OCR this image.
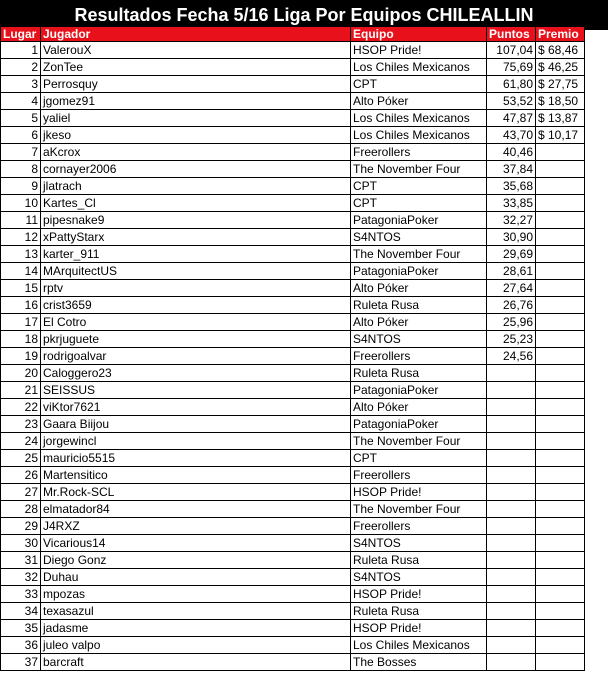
Resultados Fecha 5/16 Liga Por Equipos CHILEALLIN
Lugar	Jugador	Equipo	Puntos	Premio
1	ValerouX	HSOP Pride!	107,04	$ 68,46
2	ZonTee	Los Chiles Mexicanos	75,69	$ 46,25
3	Perrosquy	CPT	61,80	$ 27,75
4	jgomez91	Alto Póker	53,52	$ 18,50
5	yaliel	Los Chiles Mexicanos	47,87	$ 13,87
6	jkeso	Los Chiles Mexicanos	43,70	$ 10,17
7	aKcrox	Freerollers	40,46	
8	cornayer2006	The November Four	37,84	
9	jlatrach	CPT	35,68	
10	Kartes_Cl	CPT	33,85	
11	pipesnake9	PatagoniaPoker	32,27	
12	xPattyStarx	S4NTOS	30,90	
13	karter_911	The November Four	29,69	
14	MArquitectUS	PatagoniaPoker	28,61	
15	rptv	Alto Póker	27,64	
16	crist3659	Ruleta Rusa	26,76	
17	El Cotro	Alto Póker	25,96	
18	pkrjuguete	S4NTOS	25,23	
19	rodrigoalvar	Freerollers	24,56	
20	Caloggero23	Ruleta Rusa		
21	SEISSUS	PatagoniaPoker		
22	viKtor7621	Alto Póker		
23	Gaara Biijou	PatagoniaPoker		
24	jorgewincl	The November Four		
25	mauricio5515	CPT		
26	Martensitico	Freerollers		
27	Mr.Rock-SCL	HSOP Pride!		
28	elmatador84	The November Four		
29	J4RXZ	Freerollers		
30	Vicarious14	S4NTOS		
31	Diego Gonz	Ruleta Rusa		
32	Duhau	S4NTOS		
33	mpozas	HSOP Pride!		
34	texasazul	Ruleta Rusa		
35	jadasme	HSOP Pride!		
36	juleo valpo	Los Chiles Mexicanos		
37	barcraft	The Bosses		
